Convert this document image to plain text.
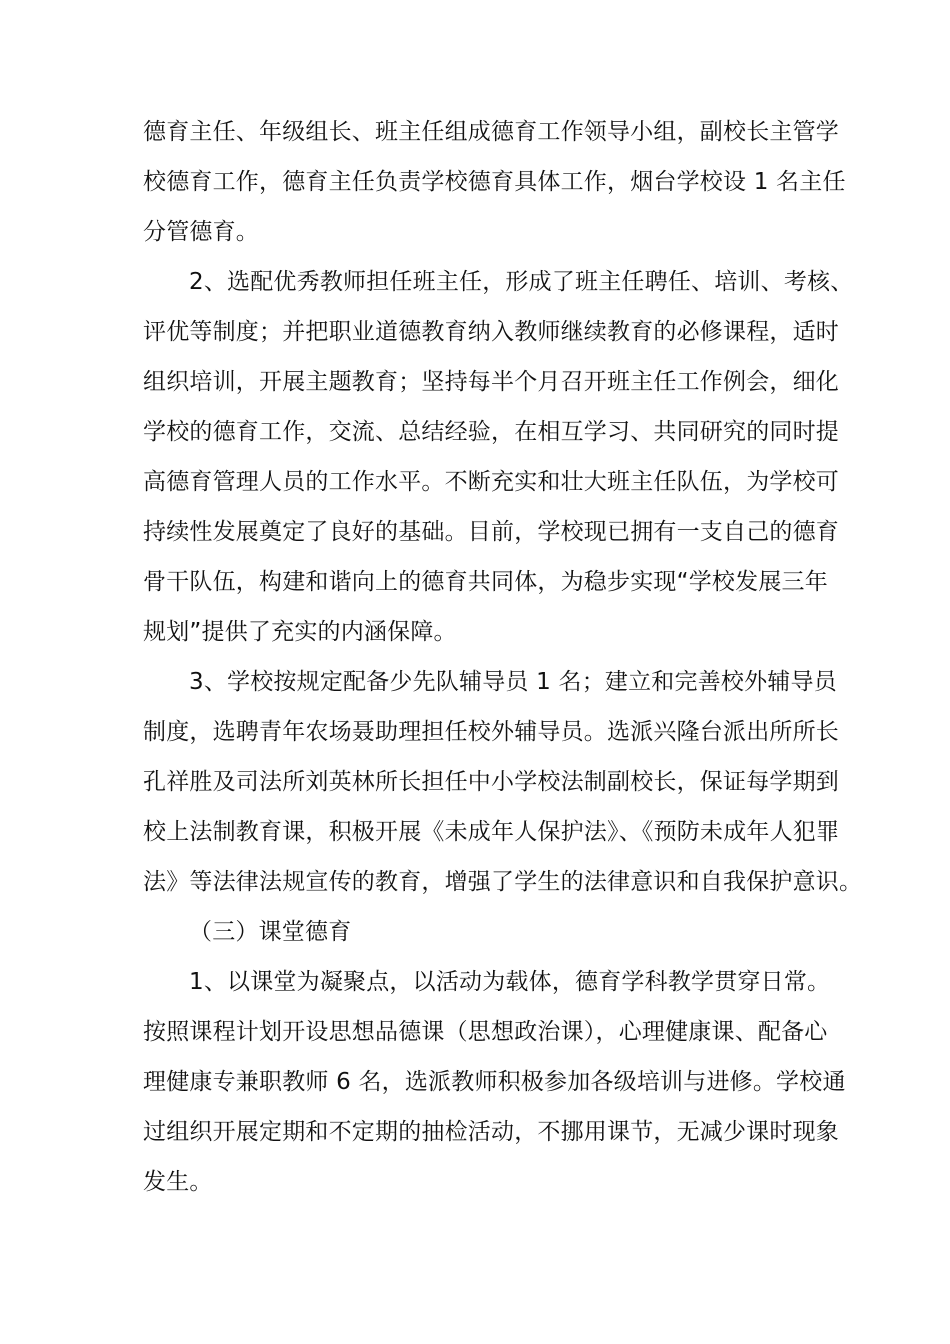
德育主任、年级组长、班主任组成德育工作领导小组，副校长主管学
校德育工作，德育主任负责学校德育具体工作，烟台学校设 1 名主任
分管德育。
2、选配优秀教师担任班主任，形成了班主任聘任、培训、考核、
评优等制度；并把职业道德教育纳入教师继续教育的必修课程，适时
组织培训，开展主题教育；坚持每半个月召开班主任工作例会，细化
学校的德育工作，交流、总结经验，在相互学习、共同研究的同时提
高德育管理人员的工作水平。不断充实和壮大班主任队伍，为学校可
持续性发展奠定了良好的基础。目前，学校现已拥有一支自己的德育
骨干队伍，构建和谐向上的德育共同体，为稳步实现“学校发展三年
规划”提供了充实的内涵保障。
3、学校按规定配备少先队辅导员 1 名；建立和完善校外辅导员
制度，选聘青年农场聂助理担任校外辅导员。选派兴隆台派出所所长
孔祥胜及司法所刘英林所长担任中小学校法制副校长，保证每学期到
校上法制教育课，积极开展《未成年人保护法》、《预防未成年人犯罪
法》等法律法规宣传的教育，增强了学生的法律意识和自我保护意识。
（三）课堂德育
1、以课堂为凝聚点，以活动为载体，德育学科教学贯穿日常。
按照课程计划开设思想品德课（思想政治课），心理健康课、配备心
理健康专兼职教师 6 名，选派教师积极参加各级培训与进修。学校通
过组织开展定期和不定期的抽检活动，不挪用课节，无减少课时现象
发生。
